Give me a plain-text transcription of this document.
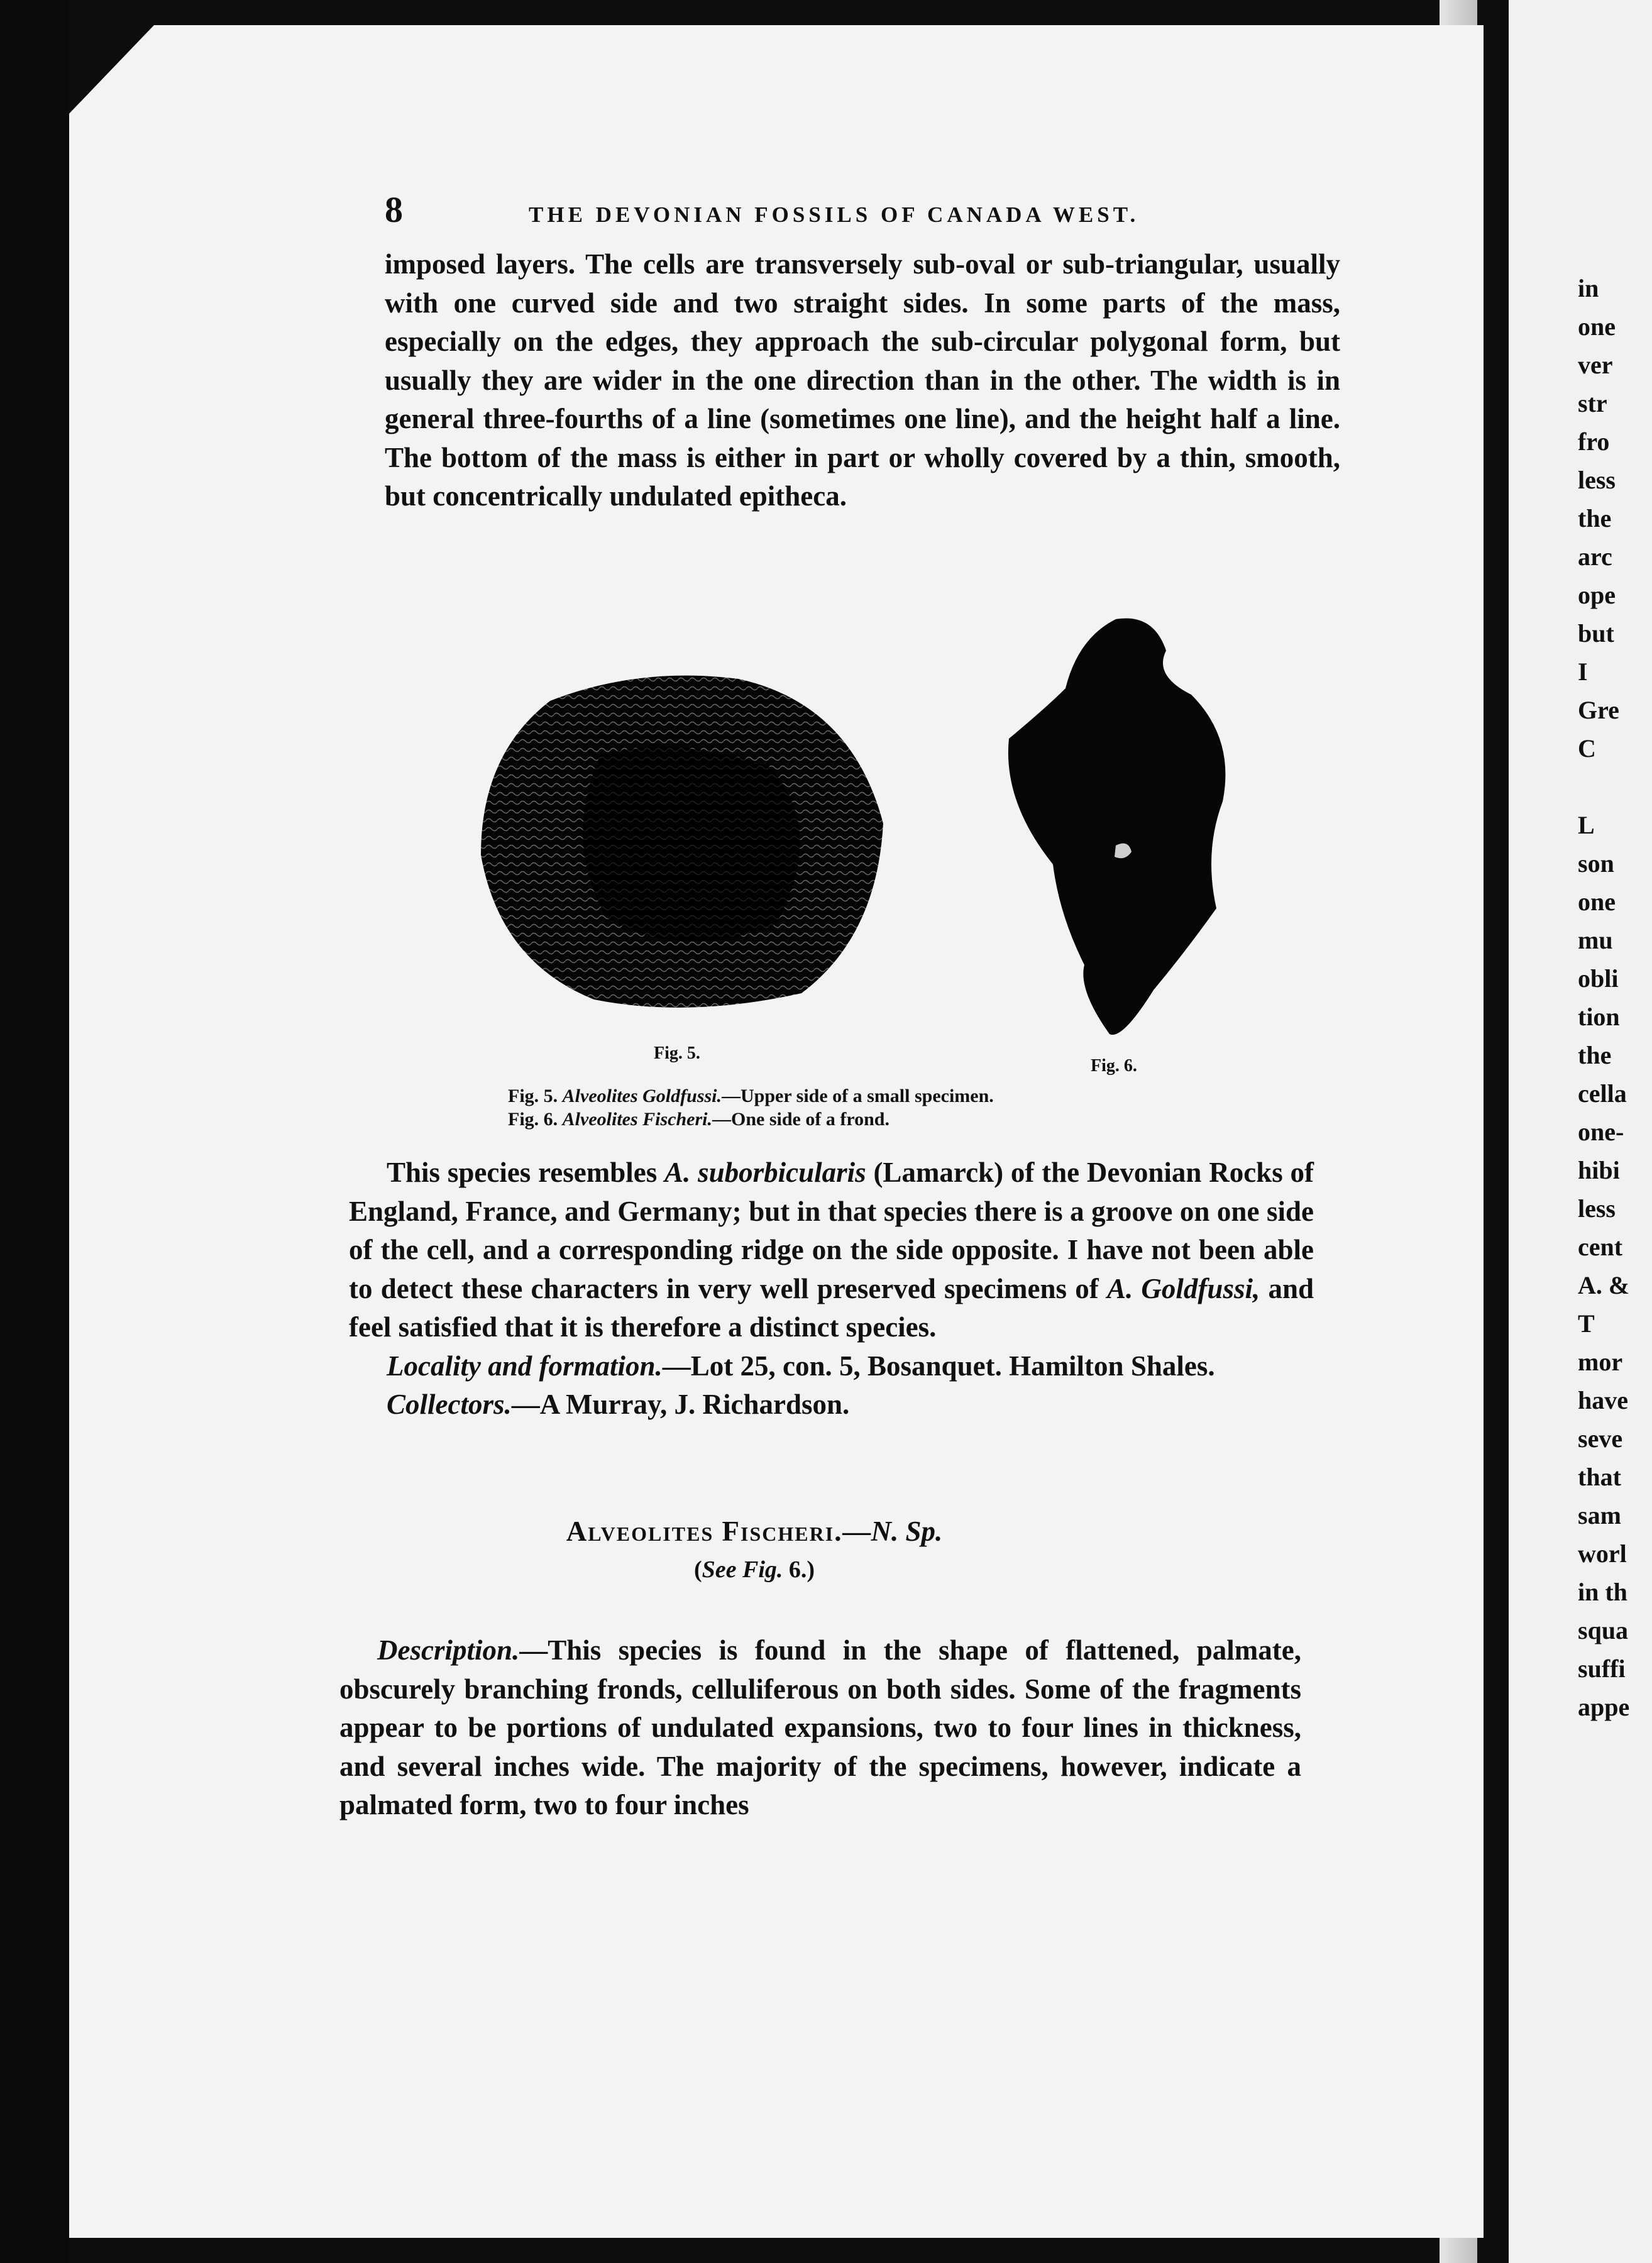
8	THE DEVONIAN FOSSILS OF CANADA WEST.

imposed layers. The cells are transversely sub-oval or sub-triangular, usually with one curved side and two straight sides. In some parts of the mass, especially on the edges, they approach the sub-circular polygonal form, but usually they are wider in the one direction than in the other. The width is in general three-fourths of a line (sometimes one line), and the height half a line. The bottom of the mass is either in part or wholly covered by a thin, smooth, but concentrically undulated epitheca.

Fig. 5.
Fig. 6.
Fig. 5. Alveolites Goldfussi.—Upper side of a small specimen.
Fig. 6. Alveolites Fischeri.—One side of a frond.

This species resembles A. suborbicularis (Lamarck) of the Devonian Rocks of England, France, and Germany; but in that species there is a groove on one side of the cell, and a corresponding ridge on the side opposite. I have not been able to detect these characters in very well preserved specimens of A. Goldfussi, and feel satisfied that it is therefore a distinct species.

Locality and formation.—Lot 25, con. 5, Bosanquet. Hamilton Shales.

Collectors.—A Murray, J. Richardson.

Alveolites Fischeri.—N. Sp.
(See Fig. 6.)

Description.—This species is found in the shape of flattened, palmate, obscurely branching fronds, celluliferous on both sides. Some of the fragments appear to be portions of undulated expansions, two to four lines in thickness, and several inches wide. The majority of the specimens, however, indicate a palmated form, two to four inches

in
one
ver
str
fro
less
the
arc
ope
but
I
Gre
C

L
son
one
mu
obli
tion
the
cella
one-
hibi
less
cent
A. &
T
mor
have
seve
that
sam
worl
in th
squa
suffi
appe
